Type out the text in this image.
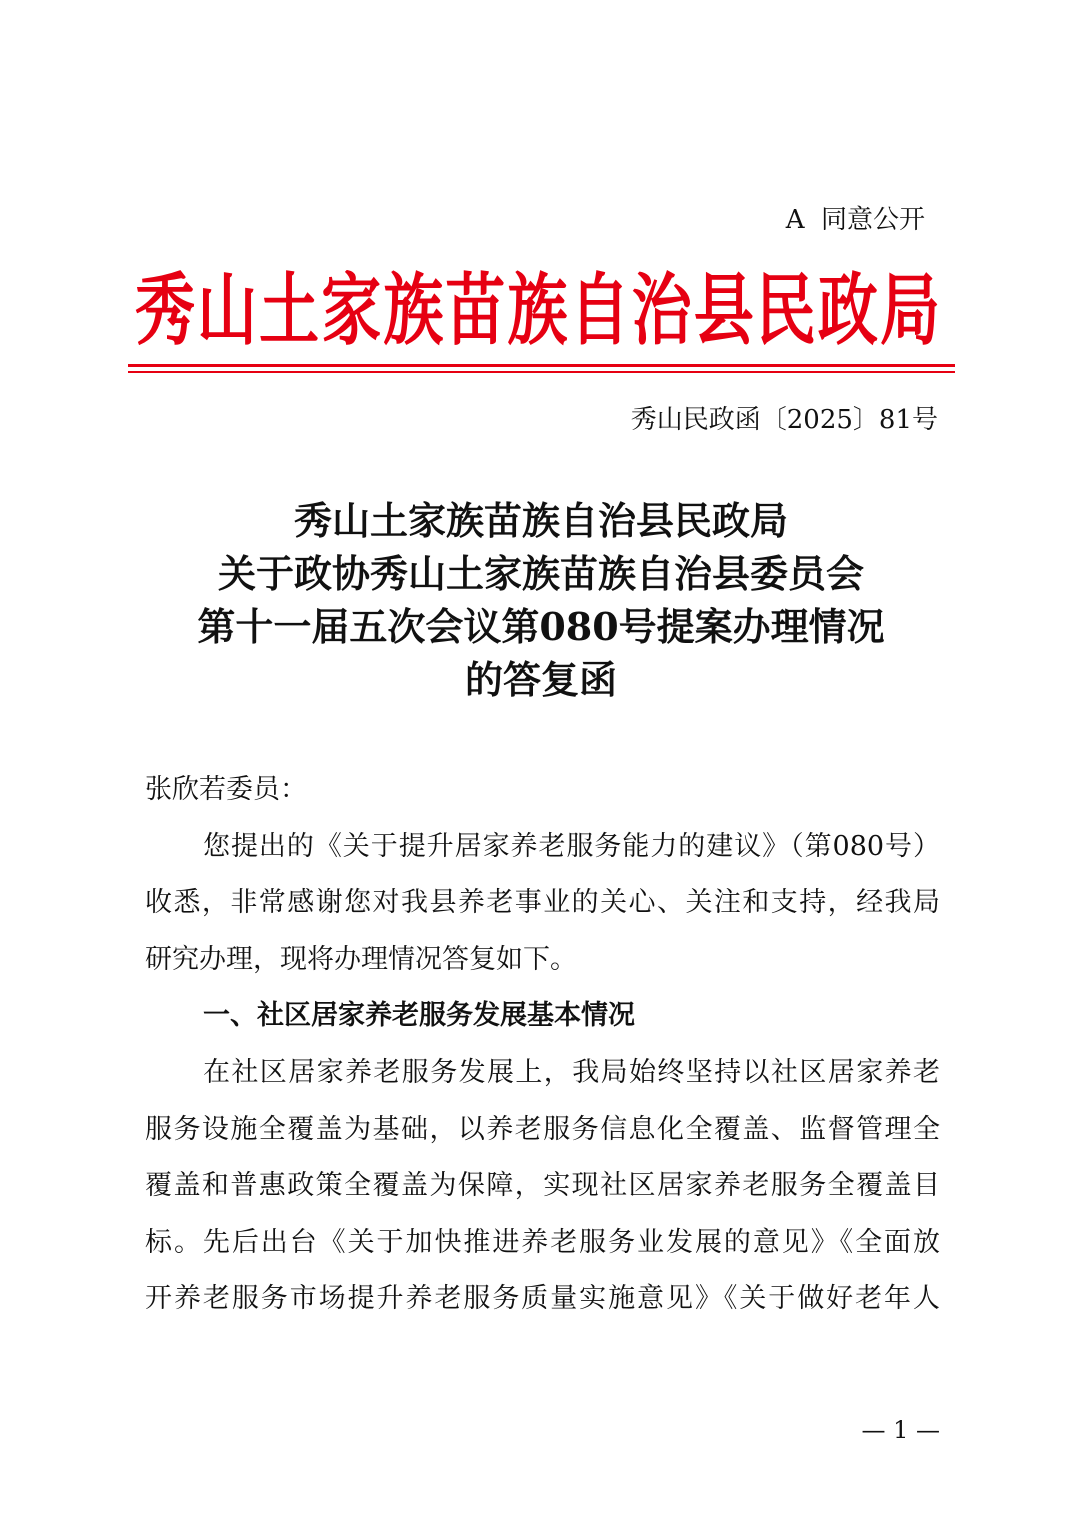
A  同意公开
秀山土家族苗族自治县民政局
秀山民政函〔2025〕81号
秀山土家族苗族自治县民政局
关于政协秀山土家族苗族自治县委员会
第十一届五次会议第080号提案办理情况
的答复函
张欣若委员：
您提出的《关于提升居家养老服务能力的建议》（第080号）
收悉，非常感谢您对我县养老事业的关心、关注和支持，经我局
研究办理，现将办理情况答复如下。
一、社区居家养老服务发展基本情况
在社区居家养老服务发展上，我局始终坚持以社区居家养老
服务设施全覆盖为基础，以养老服务信息化全覆盖、监督管理全
覆盖和普惠政策全覆盖为保障，实现社区居家养老服务全覆盖目
标。先后出台《关于加快推进养老服务业发展的意见》《全面放
开养老服务市场提升养老服务质量实施意见》《关于做好老年人
— 1 —
